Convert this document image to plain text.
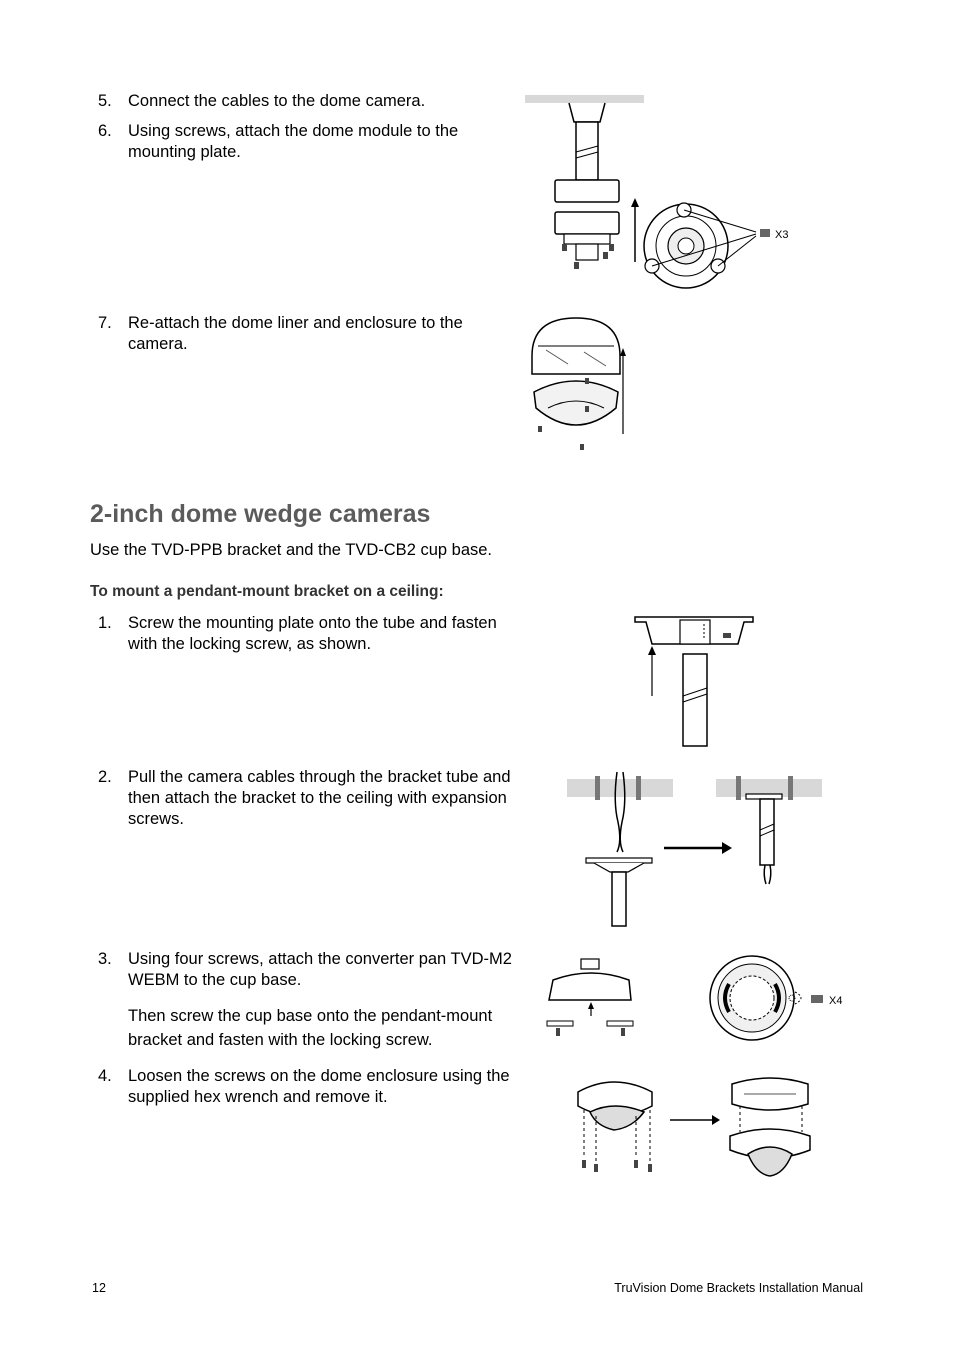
5. Connect the cables to the dome camera.
6. Using screws, attach the dome module to the mounting plate.
7. Re-attach the dome liner and enclosure to the camera.
X3
2-inch dome wedge cameras
Use the TVD-PPB bracket and the TVD-CB2 cup base.
To mount a pendant-mount bracket on a ceiling:
1. Screw the mounting plate onto the tube and fasten with the locking screw, as shown.
2. Pull the camera cables through the bracket tube and then attach the bracket to the ceiling with expansion screws.
3. Using four screws, attach the converter pan TVD-M2 WEBM to the cup base.
Then screw the cup base onto the pendant-mount bracket and fasten with the locking screw.
4. Loosen the screws on the dome enclosure using the supplied hex wrench and remove it.
X4
12	TruVision Dome Brackets Installation Manual
